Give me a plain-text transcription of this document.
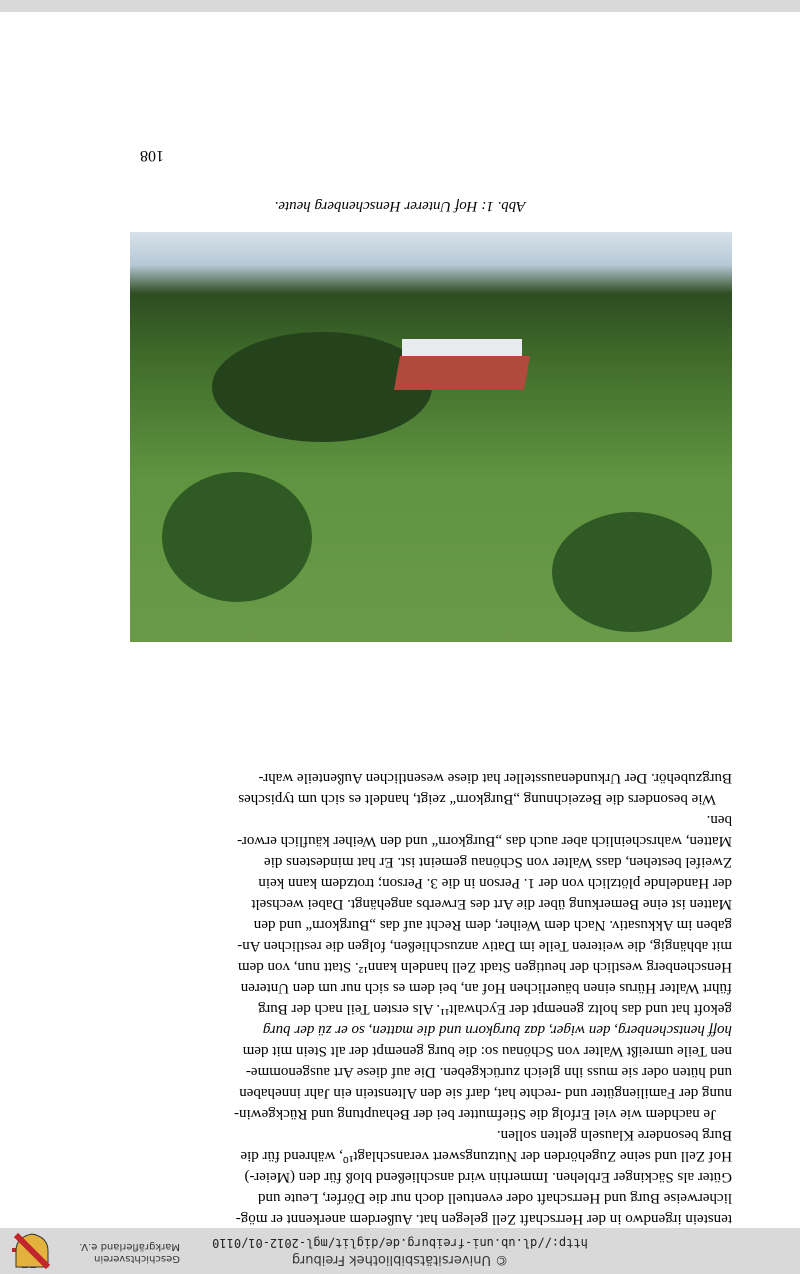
© Universitätsbibliothek Freiburg
http://dl.ub.uni-freiburg.de/diglit/mgl-2012-01/0110
Geschichtsverein
Markgräflerland e.V.
108
Abb. 1: Hof Unterer Henschenberg heute.

tenstein irgendwo in der Herrschaft Zell gelegen hat. Außerdem anerkennt er mög-

licherweise Burg und Herrschaft oder eventuell doch nur die Dörfer, Leute und

Güter als Säckinger Erblehen. Immerhin wird anschließend bloß für den (Meier-)

Hof Zell und seine Zugehörden der Nutzungswert veranschlagt¹⁰, während für die

Burg besondere Klauseln gelten sollen.

Je nachdem wie viel Erfolg die Stiefmutter bei der Behauptung und Rückgewin-

nung der Familiengüter und -rechte hat, darf sie den Altenstein ein Jahr innehaben

und hüten oder sie muss ihn gleich zurückgeben. Die auf diese Art ausgenomme-

nen Teile umreißt Walter von Schönau so: die burg genempt der alt Stein mit dem

hoff hentschenberg, den wiger, daz burgkorn und die matten, so er zü der burg

gekoft hat und das holtz genempt der Eychwalt¹¹. Als ersten Teil nach der Burg

führt Walter Hürus einen bäuerlichen Hof an, bei dem es sich nur um den Unteren

Henschenberg westlich der heutigen Stadt Zell handeln kann¹². Statt nun, von dem

mit abhängig, die weiteren Teile im Dativ anzuschließen, folgen die restlichen An-

gaben im Akkusativ. Nach dem Weiher, dem Recht auf das „Burgkorn“ und den

Matten ist eine Bemerkung über die Art des Erwerbs angehängt. Dabei wechselt

der Handelnde plötzlich von der 1. Person in die 3. Person; trotzdem kann kein

Zweifel bestehen, dass Walter von Schönau gemeint ist. Er hat mindestens die

Matten, wahrscheinlich aber auch das „Burgkorn“ und den Weiher käuflich erwor-

ben.

Wie besonders die Bezeichnung „Burgkorn“ zeigt, handelt es sich um typisches

Burgzubehör. Der Urkundenaussteller hat diese wesentlichen Außenteile wahr-
